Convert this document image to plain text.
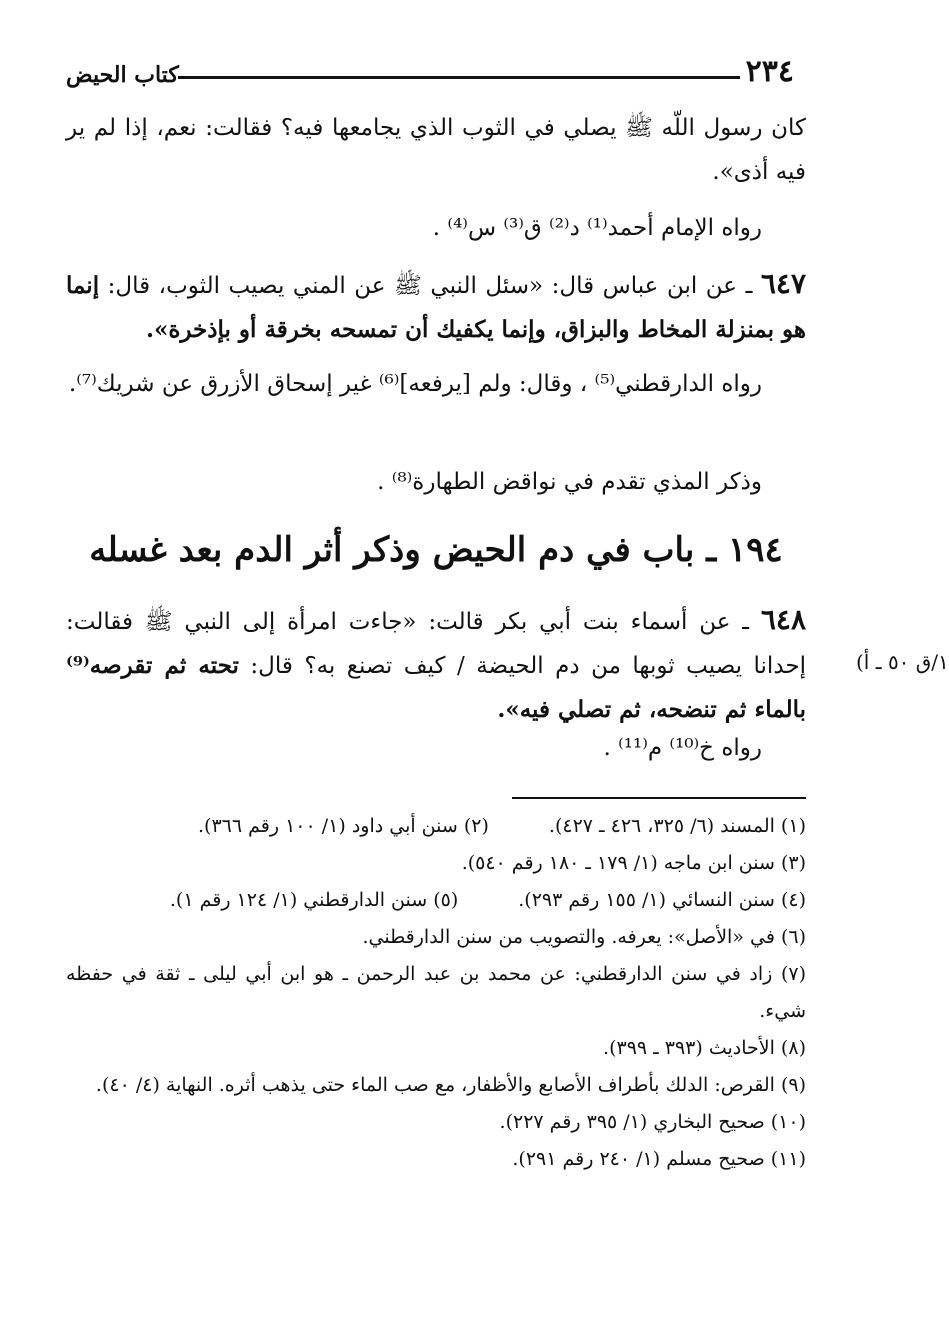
٢٣٤
كتاب الحيض

كان رسول اللّه ﷺ يصلي في الثوب الذي يجامعها فيه؟ فقالت: نعم، إذا لم ير فيه أذى».

رواه الإمام أحمد⁽¹⁾ د⁽²⁾ ق⁽³⁾ س⁽⁴⁾ .

٦٤٧ ـ عن ابن عباس قال: «سئل النبي ﷺ عن المني يصيب الثوب، قال: إنما هو بمنزلة المخاط والبزاق، وإنما يكفيك أن تمسحه بخرقة أو بإذخرة».

رواه الدارقطني⁽⁵⁾ ، وقال: ولم [يرفعه]⁽⁶⁾ غير إسحاق الأزرق عن شريك⁽⁷⁾.

وذكر المذي تقدم في نواقض الطهارة⁽⁸⁾ .

١٩٤ ـ باب في دم الحيض وذكر أثر الدم بعد غسله

٦٤٨ ـ عن أسماء بنت أبي بكر قالت: «جاءت امرأة إلى النبي ﷺ فقالت: إحدانا يصيب ثوبها من دم الحيضة / كيف تصنع به؟ قال: تحته ثم تقرصه⁽⁹⁾ بالماء ثم تنضحه، ثم تصلي فيه».

١/ق ٥٠ ـ أ)

رواه خ⁽¹⁰⁾ م⁽¹¹⁾ .

(١) المسند (٦/ ٣٢٥، ٤٢٦ ـ ٤٢٧).

(٢) سنن أبي داود (١/ ١٠٠ رقم ٣٦٦).

(٣) سنن ابن ماجه (١/ ١٧٩ ـ ١٨٠ رقم ٥٤٠).

(٤) سنن النسائي (١/ ١٥٥ رقم ٢٩٣).

(٥) سنن الدارقطني (١/ ١٢٤ رقم ١).

(٦) في «الأصل»: يعرفه. والتصويب من سنن الدارقطني.

(٧) زاد في سنن الدارقطني: عن محمد بن عبد الرحمن ـ هو ابن أبي ليلى ـ ثقة في حفظه شيء.

(٨) الأحاديث (٣٩٣ ـ ٣٩٩).

(٩) القرص: الدلك بأطراف الأصابع والأظفار، مع صب الماء حتى يذهب أثره. النهاية (٤/ ٤٠).

(١٠) صحيح البخاري (١/ ٣٩٥ رقم ٢٢٧).

(١١) صحيح مسلم (١/ ٢٤٠ رقم ٢٩١).
